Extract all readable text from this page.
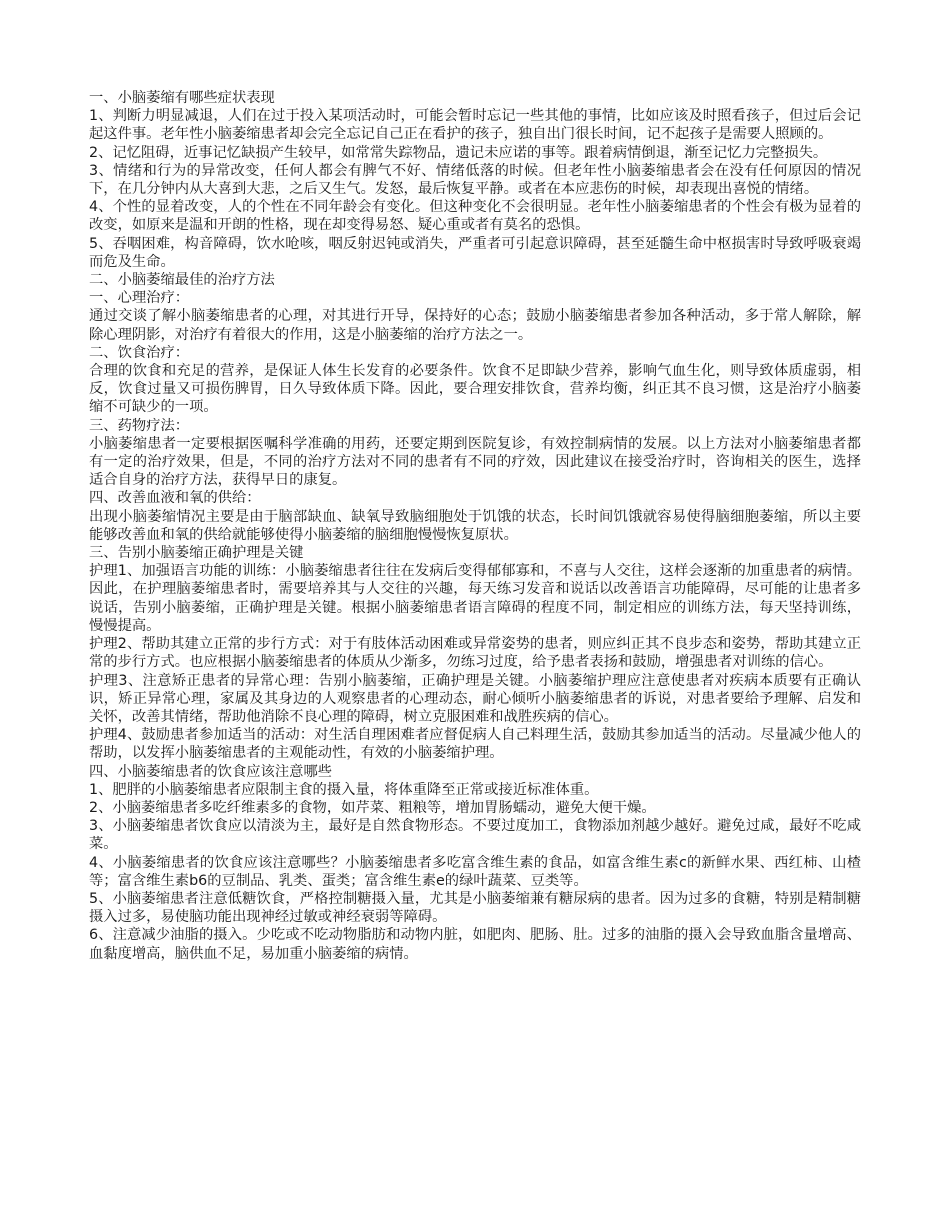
一、小脑萎缩有哪些症状表现

1、判断力明显减退，人们在过于投入某项活动时，可能会暂时忘记一些其他的事情，比如应该及时照看孩子，但过后会记起这件事。老年性小脑萎缩患者却会完全忘记自己正在看护的孩子，独自出门很长时间，记不起孩子是需要人照顾的。

2、记忆阻碍，近事记忆缺损产生较早，如常常失踪物品，遗记未应诺的事等。跟着病情倒退，渐至记忆力完整损失。

3、情绪和行为的异常改变，任何人都会有脾气不好、情绪低落的时候。但老年性小脑萎缩患者会在没有任何原因的情况下，在几分钟内从大喜到大悲，之后又生气。发怒，最后恢复平静。或者在本应悲伤的时候，却表现出喜悦的情绪。

4、个性的显着改变，人的个性在不同年龄会有变化。但这种变化不会很明显。老年性小脑萎缩患者的个性会有极为显着的改变，如原来是温和开朗的性格，现在却变得易怒、疑心重或者有莫名的恐惧。

5、吞咽困难，构音障碍，饮水呛咳，咽反射迟钝或消失，严重者可引起意识障碍，甚至延髓生命中枢损害时导致呼吸衰竭而危及生命。

二、小脑萎缩最佳的治疗方法

一、心理治疗：

通过交谈了解小脑萎缩患者的心理，对其进行开导，保持好的心态；鼓励小脑萎缩患者参加各种活动，多于常人解除，解除心理阴影，对治疗有着很大的作用，这是小脑萎缩的治疗方法之一。

二、饮食治疗：

合理的饮食和充足的营养，是保证人体生长发育的必要条件。饮食不足即缺少营养，影响气血生化，则导致体质虚弱，相反，饮食过量又可损伤脾胃，日久导致体质下降。因此，要合理安排饮食，营养均衡，纠正其不良习惯，这是治疗小脑萎缩不可缺少的一项。

三、药物疗法：

小脑萎缩患者一定要根据医嘱科学准确的用药，还要定期到医院复诊，有效控制病情的发展。以上方法对小脑萎缩患者都有一定的治疗效果，但是，不同的治疗方法对不同的患者有不同的疗效，因此建议在接受治疗时，咨询相关的医生，选择适合自身的治疗方法，获得早日的康复。

四、改善血液和氧的供给：

出现小脑萎缩情况主要是由于脑部缺血、缺氧导致脑细胞处于饥饿的状态，长时间饥饿就容易使得脑细胞萎缩，所以主要能够改善血和氧的供给就能够使得小脑萎缩的脑细胞慢慢恢复原状。

三、告别小脑萎缩正确护理是关键

护理1、加强语言功能的训练：小脑萎缩患者往往在发病后变得郁郁寡和，不喜与人交往，这样会逐渐的加重患者的病情。因此，在护理脑萎缩患者时，需要培养其与人交往的兴趣，每天练习发音和说话以改善语言功能障碍，尽可能的让患者多说话，告别小脑萎缩，正确护理是关键。根据小脑萎缩患者语言障碍的程度不同，制定相应的训练方法，每天坚持训练，慢慢提高。

护理2、帮助其建立正常的步行方式：对于有肢体活动困难或异常姿势的患者，则应纠正其不良步态和姿势，帮助其建立正常的步行方式。也应根据小脑萎缩患者的体质从少渐多，勿练习过度，给予患者表扬和鼓励，增强患者对训练的信心。

护理3、注意矫正患者的异常心理：告别小脑萎缩，正确护理是关键。小脑萎缩护理应注意使患者对疾病本质要有正确认识，矫正异常心理，家属及其身边的人观察患者的心理动态，耐心倾听小脑萎缩患者的诉说，对患者要给予理解、启发和关怀，改善其情绪，帮助他消除不良心理的障碍，树立克服困难和战胜疾病的信心。

护理4、鼓励患者参加适当的活动：对生活自理困难者应督促病人自己料理生活，鼓励其参加适当的活动。尽量减少他人的帮助，以发挥小脑萎缩患者的主观能动性，有效的小脑萎缩护理。

四、小脑萎缩患者的饮食应该注意哪些

1、肥胖的小脑萎缩患者应限制主食的摄入量，将体重降至正常或接近标准体重。

2、小脑萎缩患者多吃纤维素多的食物，如芹菜、粗粮等，增加胃肠蠕动，避免大便干燥。

3、小脑萎缩患者饮食应以清淡为主，最好是自然食物形态。不要过度加工，食物添加剂越少越好。避免过咸，最好不吃咸菜。

4、小脑萎缩患者的饮食应该注意哪些？小脑萎缩患者多吃富含维生素的食品，如富含维生素c的新鲜水果、西红柿、山楂等；富含维生素b6的豆制品、乳类、蛋类；富含维生素e的绿叶蔬菜、豆类等。

5、小脑萎缩患者注意低糖饮食，严格控制糖摄入量，尤其是小脑萎缩兼有糖尿病的患者。因为过多的食糖，特别是精制糖摄入过多，易使脑功能出现神经过敏或神经衰弱等障碍。

6、注意减少油脂的摄入。少吃或不吃动物脂肪和动物内脏，如肥肉、肥肠、肚。过多的油脂的摄入会导致血脂含量增高、血黏度增高，脑供血不足，易加重小脑萎缩的病情。
